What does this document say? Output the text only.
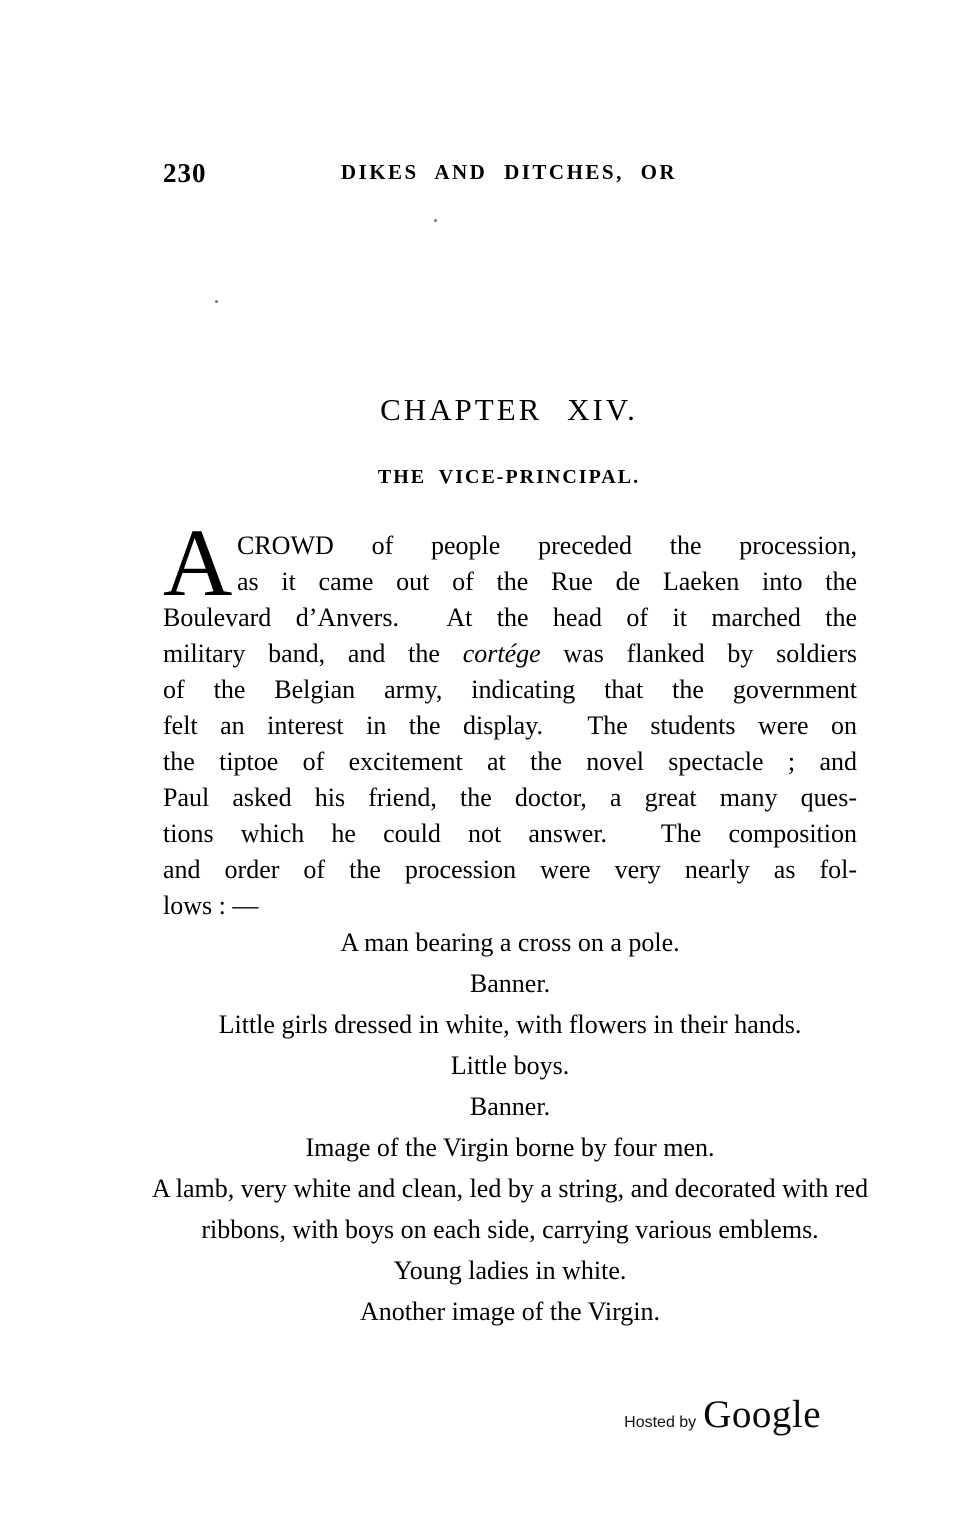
230	DIKES AND DITCHES, OR
CHAPTER XIV.
THE VICE-PRINCIPAL.
A CROWD of people preceded the procession,
as it came out of the Rue de Laeken into the
Boulevard d’Anvers.  At the head of it marched the
military band, and the cortége was flanked by soldiers
of the Belgian army, indicating that the government
felt an interest in the display.  The students were on
the tiptoe of excitement at the novel spectacle ; and
Paul asked his friend, the doctor, a great many ques-
tions which he could not answer.  The composition
and order of the procession were very nearly as fol-
lows : —

A man bearing a cross on a pole.

Banner.

Little girls dressed in white, with flowers in their hands.

Little boys.

Banner.

Image of the Virgin borne by four men.

A lamb, very white and clean, led by a string, and decorated with red ribbons, with boys on each side, carrying various emblems.

Young ladies in white.

Another image of the Virgin.

Hosted by Google
